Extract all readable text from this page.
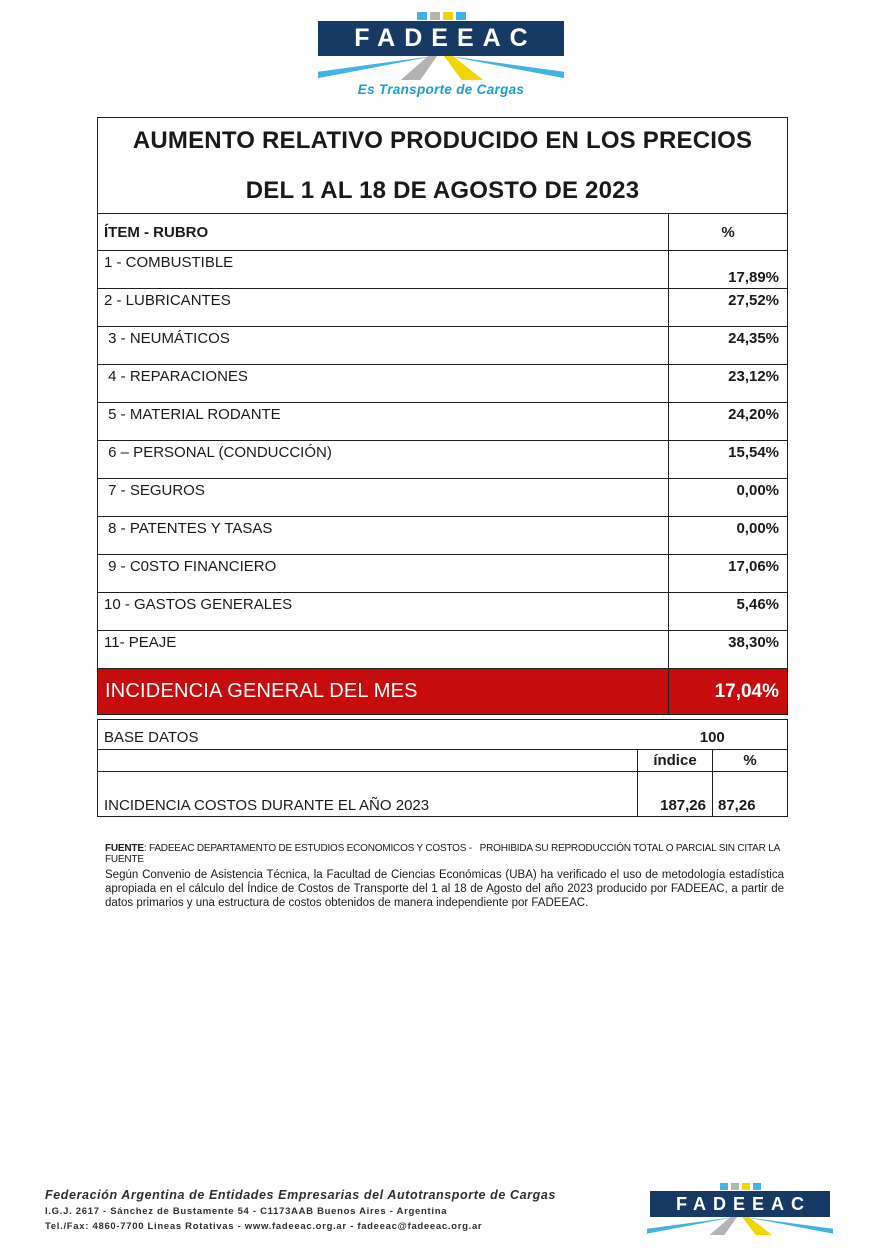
FADEEAC
Es Transporte de Cargas
AUMENTO RELATIVO PRODUCIDO EN LOS PRECIOS
DEL 1 AL 18 DE AGOSTO DE 2023	

ÍTEM - RUBRO	%
1 - COMBUSTIBLE	17,89%
2 - LUBRICANTES	27,52%
3 - NEUMÁTICOS	24,35%
4 - REPARACIONES	23,12%
5 - MATERIAL RODANTE	24,20%
6 – PERSONAL (CONDUCCIÓN)	15,54%
7 - SEGUROS	0,00%
8 - PATENTES Y TASAS	0,00%
9 - C0STO FINANCIERO	17,06%
10 - GASTOS GENERALES	5,46%
11- PEAJE	38,30%
INCIDENCIA GENERAL DEL MES	17,04%
BASE DATOS	100	
	índice	%
INCIDENCIA COSTOS DURANTE EL AÑO 2023	187,26	87,26
FUENTE: FADEEAC DEPARTAMENTO DE ESTUDIOS ECONOMICOS Y COSTOS -   PROHIBIDA SU REPRODUCCIÓN TOTAL O PARCIAL SIN CITAR LA FUENTE
Según Convenio de Asistencia Técnica, la Facultad de Ciencias Económicas (UBA) ha verificado el uso de metodología estadística apropiada en el cálculo del Índice de Costos de Transporte del 1 al 18 de Agosto del año 2023 producido por FADEEAC, a partir de datos primarios y una estructura de costos obtenidos de manera independiente por FADEEAC.
Federación Argentina de Entidades Empresarias del Autotransporte de Cargas
I.G.J. 2617 - Sánchez de Bustamente 54 - C1173AAB Buenos Aires - Argentina
Tel./Fax: 4860-7700 Lineas Rotativas - www.fadeeac.org.ar - fadeeac@fadeeac.org.ar
FADEEAC
